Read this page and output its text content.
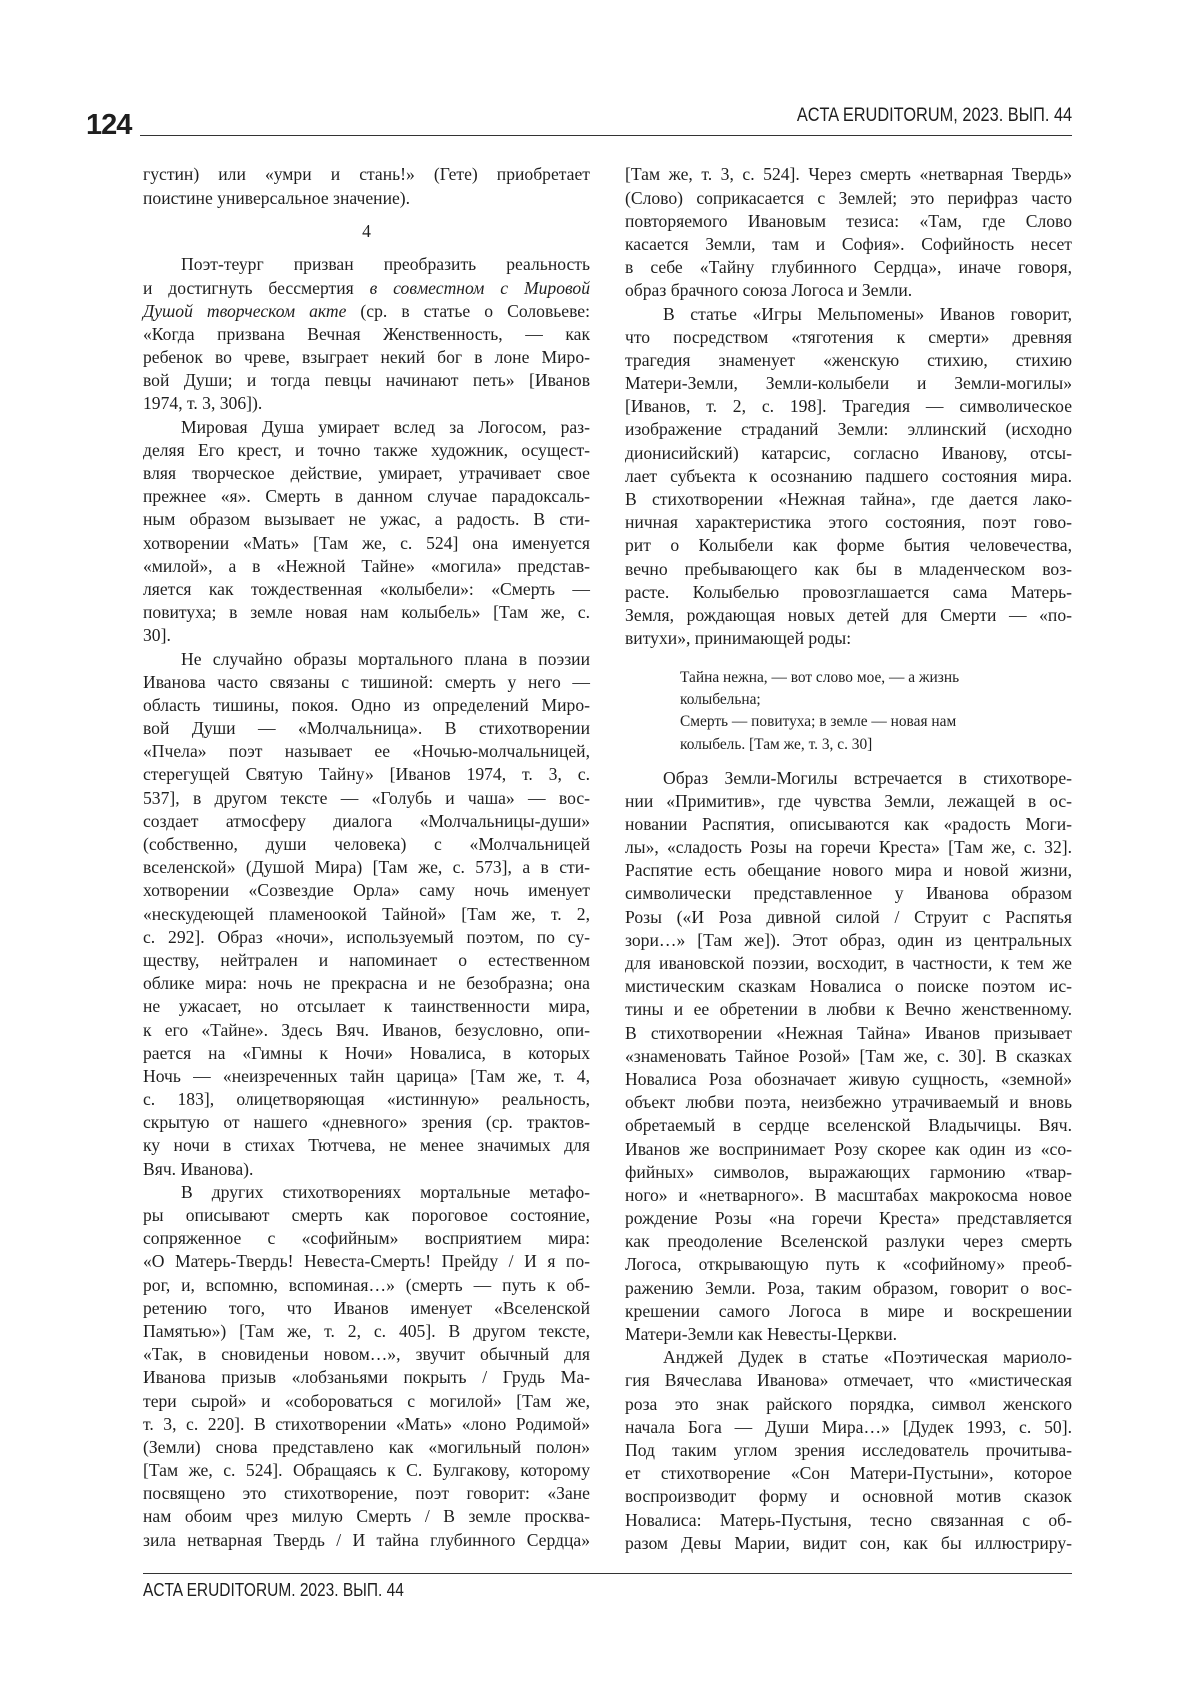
124	ACTA ERUDITORUM, 2023. ВЫП. 44
густин) или «умри и стань!» (Гете) приобретает
поистине универсальное значение).
4
Поэт-теург призван преобразить реальность
и достигнуть бессмертия в совместном с Мировой
Душой творческом акте (ср. в статье о Соловьеве:
«Когда призвана Вечная Женственность, — как
ребенок во чреве, взыграет некий бог в лоне Миро-
вой Души; и тогда певцы начинают петь» [Иванов
1974, т. 3, 306]).
Мировая Душа умирает вслед за Логосом, раз-
деляя Его крест, и точно также художник, осущест-
вляя творческое действие, умирает, утрачивает свое
прежнее «я». Смерть в данном случае парадоксаль-
ным образом вызывает не ужас, а радость. В сти-
хотворении «Мать» [Там же, с. 524] она именуется
«милой», а в «Нежной Тайне» «могила» представ-
ляется как тождественная «колыбели»: «Смерть —
повитуха; в земле новая нам колыбель» [Там же, с.
30].
Не случайно образы мортального плана в поэзии
Иванова часто связаны с тишиной: смерть у него —
область тишины, покоя. Одно из определений Миро-
вой Души — «Молчальница». В стихотворении
«Пчела» поэт называет ее «Ночью-молчальницей,
стерегущей Святую Тайну» [Иванов 1974, т. 3, с.
537], в другом тексте — «Голубь и чаша» — вос-
создает атмосферу диалога «Молчальницы-души»
(собственно, души человека) с «Молчальницей
вселенской» (Душой Мира) [Там же, с. 573], а в сти-
хотворении «Созвездие Орла» саму ночь именует
«нескудеющей пламеноокой Тайной» [Там же, т. 2,
с. 292]. Образ «ночи», используемый поэтом, по су-
ществу, нейтрален и напоминает о естественном
облике мира: ночь не прекрасна и не безобразна; она
не ужасает, но отсылает к таинственности мира,
к его «Тайне». Здесь Вяч. Иванов, безусловно, опи-
рается на «Гимны к Ночи» Новалиса, в которых
Ночь — «неизреченных тайн царица» [Там же, т. 4,
с. 183], олицетворяющая «истинную» реальность,
скрытую от нашего «дневного» зрения (ср. трактов-
ку ночи в стихах Тютчева, не менее значимых для
Вяч. Иванова).
В других стихотворениях мортальные метафо-
ры описывают смерть как пороговое состояние,
сопряженное с «софийным» восприятием мира:
«О Матерь-Твердь! Невеста-Смерть! Прейду / И я по-
рог, и, вспомню, вспоминая…» (смерть — путь к об-
ретению того, что Иванов именует «Вселенской
Памятью») [Там же, т. 2, с. 405]. В другом тексте,
«Так, в сновиденьи новом…», звучит обычный для
Иванова призыв «лобзаньями покрыть / Грудь Ма-
тери сырой» и «собороваться с могилой» [Там же,
т. 3, с. 220]. В стихотворении «Мать» «лоно Родимой»
(Земли) снова представлено как «могильный полон»
[Там же, с. 524]. Обращаясь к С. Булгакову, которому
посвящено это стихотворение, поэт говорит: «Зане
нам обоим чрез милую Смерть / В земле просква-
зила нетварная Твердь / И тайна глубинного Сердца»
[Там же, т. 3, с. 524]. Через смерть «нетварная Твердь»
(Слово) соприкасается с Землей; это перифраз часто
повторяемого Ивановым тезиса: «Там, где Слово
касается Земли, там и София». Софийность несет
в себе «Тайну глубинного Сердца», иначе говоря,
образ брачного союза Логоса и Земли.
В статье «Игры Мельпомены» Иванов говорит,
что посредством «тяготения к смерти» древняя
трагедия знаменует «женскую стихию, стихию
Матери-Земли, Земли-колыбели и Земли-могилы»
[Иванов, т. 2, с. 198]. Трагедия — символическое
изображение страданий Земли: эллинский (исходно
дионисийский) катарсис, согласно Иванову, отсы-
лает субъекта к осознанию падшего состояния мира.
В стихотворении «Нежная тайна», где дается лако-
ничная характеристика этого состояния, поэт гово-
рит о Колыбели как форме бытия человечества,
вечно пребывающего как бы в младенческом воз-
расте. Колыбелью провозглашается сама Матерь-
Земля, рождающая новых детей для Смерти — «по-
витухи», принимающей роды:
Тайна нежна, — вот слово мое, — а жизнь
колыбельна;
Смерть — повитуха; в земле — новая нам
колыбель. [Там же, т. 3, с. 30]
Образ Земли-Могилы встречается в стихотворе-
нии «Примитив», где чувства Земли, лежащей в ос-
новании Распятия, описываются как «радость Моги-
лы», «сладость Розы на горечи Креста» [Там же, с. 32].
Распятие есть обещание нового мира и новой жизни,
символически представленное у Иванова образом
Розы («И Роза дивной силой / Струит с Распятья
зори…» [Там же]). Этот образ, один из центральных
для ивановской поэзии, восходит, в частности, к тем же
мистическим сказкам Новалиса о поиске поэтом ис-
тины и ее обретении в любви к Вечно женственному.
В стихотворении «Нежная Тайна» Иванов призывает
«знаменовать Тайное Розой» [Там же, с. 30]. В сказках
Новалиса Роза обозначает живую сущность, «земной»
объект любви поэта, неизбежно утрачиваемый и вновь
обретаемый в сердце вселенской Владычицы. Вяч.
Иванов же воспринимает Розу скорее как один из «со-
фийных» символов, выражающих гармонию «твар-
ного» и «нетварного». В масштабах макрокосма новое
рождение Розы «на горечи Креста» представляется
как преодоление Вселенской разлуки через смерть
Логоса, открывающую путь к «софийному» преоб-
ражению Земли. Роза, таким образом, говорит о вос-
крешении самого Логоса в мире и воскрешении
Матери-Земли как Невесты-Церкви.
Анджей Дудек в статье «Поэтическая мариоло-
гия Вячеслава Иванова» отмечает, что «мистическая
роза это знак райского порядка, символ женского
начала Бога — Души Мира…» [Дудек 1993, с. 50].
Под таким углом зрения исследователь прочитыва-
ет стихотворение «Сон Матери-Пустыни», которое
воспроизводит форму и основной мотив сказок
Новалиса: Матерь-Пустыня, тесно связанная с об-
разом Девы Марии, видит сон, как бы иллюстриру-
ACTA ERUDITORUM. 2023. ВЫП. 44
